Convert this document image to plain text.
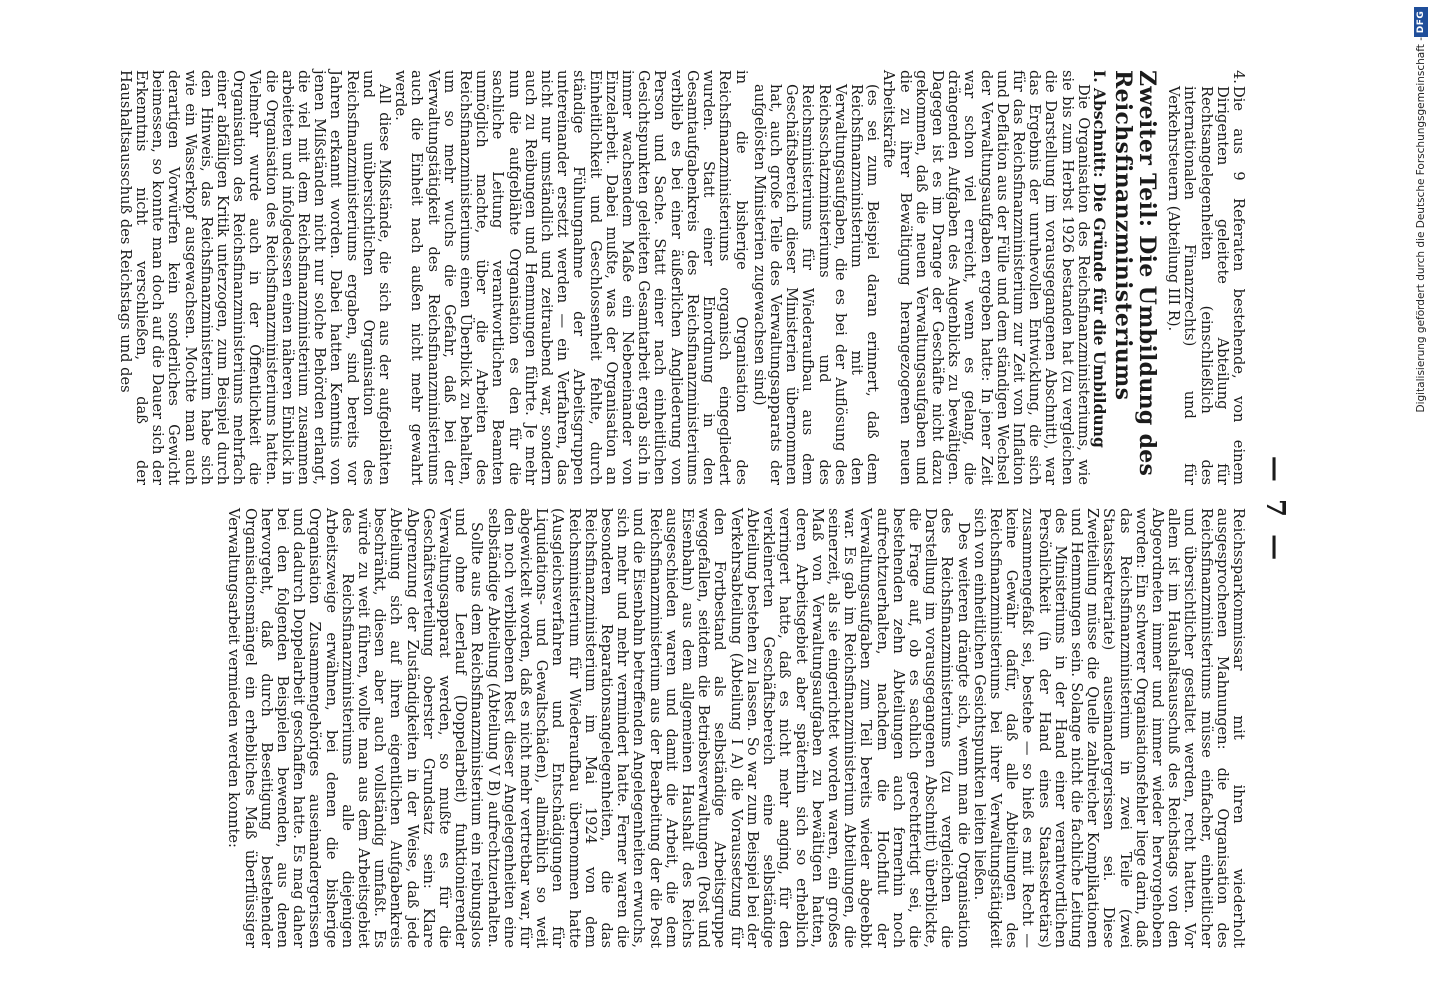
— 7 —

4.Die aus 9 Referaten bestehende, von einem Dirigenten geleitete Abteilung für Rechtsangelegenheiten (einschließlich des internationalen Finanzrechts) und für Verkehrsteuern (Abteilung III R).

Zweiter Teil: Die Umbildung des Reichsfinanzministeriums
I. Abschnitt: Die Gründe für die Umbildung

Die Organisation des Reichsfinanzministeriums, wie sie bis zum Herbst 1926 bestanden hat (zu vergleichen die Darstellung im vorausgegangenen Abschnitt), war das Ergebnis der unruhevollen Entwicklung, die sich für das Reichsfinanzministerium zur Zeit von Inflation und Deflation aus der Fülle und dem ständigen Wechsel der Verwaltungsaufgaben ergeben hatte: In jener Zeit war schon viel erreicht, wenn es gelang, die drängenden Aufgaben des Augenblicks zu bewältigen. Dagegen ist es im Drange der Geschäfte nicht dazu gekommen, daß die neuen Verwaltungsaufgaben und die zu ihrer Bewältigung herangezogenen neuen Arbeitskräfte

(es sei zum Beispiel daran erinnert, daß dem Reichsfinanzministerium mit den Verwaltungsaufgaben, die es bei der Auflösung des Reichsschatzministeriums und des Reichsministeriums für Wiederaufbau aus dem Geschäftsbereich dieser Ministerien übernommen hat, auch große Teile des Verwaltungsapparats der aufgelösten Ministerien zugewachsen sind)

in die bisherige Organisation des Reichsfinanzministeriums organisch eingegliedert wurden. Statt einer Einordnung in den Gesamtaufgabenkreis des Reichsfinanzministeriums verblieb es bei einer äußerlichen Angliederung von Person und Sache. Statt einer nach einheitlichen Gesichtspunkten geleiteten Gesamtarbeit ergab sich in immer wachsendem Maße ein Nebeneinander von Einzelarbeit. Dabei mußte, was der Organisation an Einheitlichkeit und Geschlossenheit fehlte, durch ständige Fühlungnahme der Arbeitsgruppen untereinander ersetzt werden — ein Verfahren, das nicht nur umständlich und zeitraubend war, sondern auch zu Reibungen und Hemmungen führte. Je mehr nun die aufgeblähte Organisation es den für die sachliche Leitung verantwortlichen Beamten unmöglich machte, über die Arbeiten des Reichsfinanzministeriums einen Überblick zu behalten, um so mehr wuchs die Gefahr, daß bei der Verwaltungstätigkeit des Reichsfinanzministeriums auch die Einheit nach außen nicht mehr gewahrt werde.

All diese Mißstände, die sich aus der aufgeblähten und unübersichtlichen Organisation des Reichsfinanzministeriums ergaben, sind bereits vor Jahren erkannt worden. Dabei hatten Kenntnis von jenen Mißständen nicht nur solche Behörden erlangt, die viel mit dem Reichsfinanzministerium zusammen arbeiteten und infolgedessen einen näheren Einblick in die Organisation des Reichsfinanzministeriums hatten. Vielmehr wurde auch in der Öffentlichkeit die Organisation des Reichsfinanzministeriums mehrfach einer abfälligen Kritik unterzogen, zum Beispiel durch den Hinweis, das Reichsfinanzministerium habe sich wie ein Wasserkopf ausgewachsen. Mochte man auch derartigen Vorwürfen kein sonderliches Gewicht beimessen, so konnte man doch auf die Dauer sich der Erkenntnis nicht verschließen, daß der Haushaltsausschuß des Reichstags und des

Reichssparkommissar mit ihren wiederholt ausgesprochenen Mahnungen: die Organisation des Reichsfinanzministeriums müsse einfacher, einheitlicher und übersichtlicher gestaltet werden, recht hatten. Vor allem ist im Haushaltsausschuß des Reichstags von den Abgeordneten immer und immer wieder hervorgehoben worden: Ein schwerer Organisationsfehler liege darin, daß das Reichsfinanzministerium in zwei Teile (zwei Staatssekretariate) auseinandergerissen sei. Diese Zweiteilung müsse die Quelle zahlreicher Komplikationen und Hemmungen sein. Solange nicht die fachliche Leitung des Ministeriums in der Hand einer verantwortlichen Persönlichkeit (in der Hand eines Staatssekretärs) zusammengefaßt sei, bestehe — so hieß es mit Recht — keine Gewähr dafür, daß alle Abteilungen des Reichsfinanzministeriums bei ihrer Verwaltungstätigkeit sich von einheitlichen Gesichtspunkten leiten ließen.

Des weiteren drängte sich, wenn man die Organisation des Reichsfinanzministeriums (zu vergleichen die Darstellung im vorausgegangenen Abschnitt) überblickte, die Frage auf, ob es sachlich gerechtfertigt sei, die bestehenden zehn Abteilungen auch fernerhin noch aufrechtzuerhalten, nachdem die Hochflut der Verwaltungsaufgaben zum Teil bereits wieder abgeebbt war. Es gab im Reichsfinanzministerium Abteilungen, die seinerzeit, als sie eingerichtet worden waren, ein großes Maß von Verwaltungsaufgaben zu bewältigen hatten, deren Arbeitsgebiet aber späterhin sich so erheblich verringert hatte, daß es nicht mehr anging, für den verkleinerten Geschäftsbereich eine selbständige Abteilung bestehen zu lassen. So war zum Beispiel bei der Verkehrsabteilung (Abteilung I A) die Voraussetzung für den Fortbestand als selbständige Arbeitsgruppe weggefallen, seitdem die Betriebsverwaltungen (Post und Eisenbahn) aus dem allgemeinen Haushalt des Reichs ausgeschieden waren und damit die Arbeit, die dem Reichsfinanzministerium aus der Bearbeitung der die Post und die Eisenbahn betreffenden Angelegenheiten erwuchs, sich mehr und mehr vermindert hatte. Ferner waren die besonderen Reparationsangelegenheiten, die das Reichsfinanzministerium im Mai 1924 von dem Reichsministerium für Wiederaufbau übernommen hatte (Ausgleichsverfahren und Entschädigungen für Liquidations- und Gewaltschäden), allmählich so weit abgewickelt worden, daß es nicht mehr vertretbar war, für den noch verbliebenen Rest dieser Angelegenheiten eine selbständige Abteilung (Abteilung V B) aufrechtzuerhalten.

Sollte aus dem Reichsfinanzministerium ein reibungslos und ohne Leerlauf (Doppelarbeit) funktionierender Verwaltungsapparat werden, so mußte es für die Geschäftsverteilung oberster Grundsatz sein: Klare Abgrenzung der Zuständigkeiten in der Weise, daß jede Abteilung sich auf ihren eigentlichen Aufgabenkreis beschränkt, diesen aber auch vollständig umfaßt. Es würde zu weit führen, wollte man aus dem Arbeitsgebiet des Reichsfinanzministeriums alle diejenigen Arbeitszweige erwähnen, bei denen die bisherige Organisation Zusammengehöriges auseinandergerissen und dadurch Doppelarbeit geschaffen hatte. Es mag daher bei den folgenden Beispielen bewenden, aus denen hervorgeht, daß durch Beseitigung bestehender Organisationsmängel ein erhebliches Maß überflüssiger Verwaltungsarbeit vermieden werden konnte:

Digitalisierung gefördert durch die Deutsche Forschungsgemeinschaft -
DFG
